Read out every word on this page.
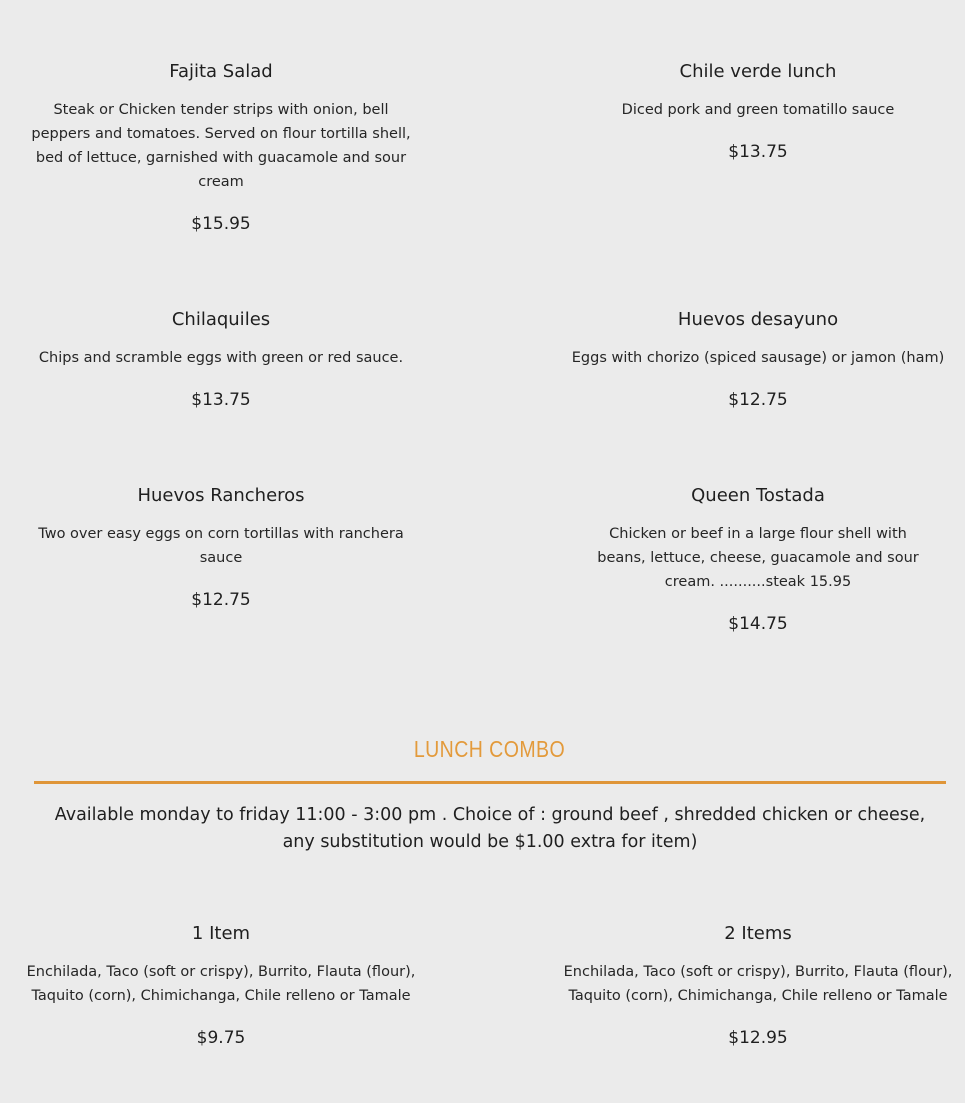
Fajita Salad

Steak or Chicken tender strips with onion, bell peppers and tomatoes. Served on flour tortilla shell, bed of lettuce, garnished with guacamole and sour cream

$15.95

Chile verde lunch

Diced pork and green tomatillo sauce

$13.75

Chilaquiles

Chips and scramble eggs with green or red sauce.

$13.75

Huevos desayuno

Eggs with chorizo (spiced sausage) or jamon (ham)

$12.75

Huevos Rancheros

Two over easy eggs on corn tortillas with ranchera sauce

$12.75

Queen Tostada

Chicken or beef in a large flour shell with beans, lettuce, cheese, guacamole and sour cream. ..........steak 15.95

$14.75

LUNCH COMBO
Available monday to friday 11:00 - 3:00 pm . Choice of : ground beef , shredded chicken or cheese, any substitution would be $1.00 extra for item)
1 Item

Enchilada, Taco (soft or crispy), Burrito, Flauta (flour), Taquito (corn), Chimichanga, Chile relleno or Tamale

$9.75

2 Items

Enchilada, Taco (soft or crispy), Burrito, Flauta (flour), Taquito (corn), Chimichanga, Chile relleno or Tamale

$12.95
